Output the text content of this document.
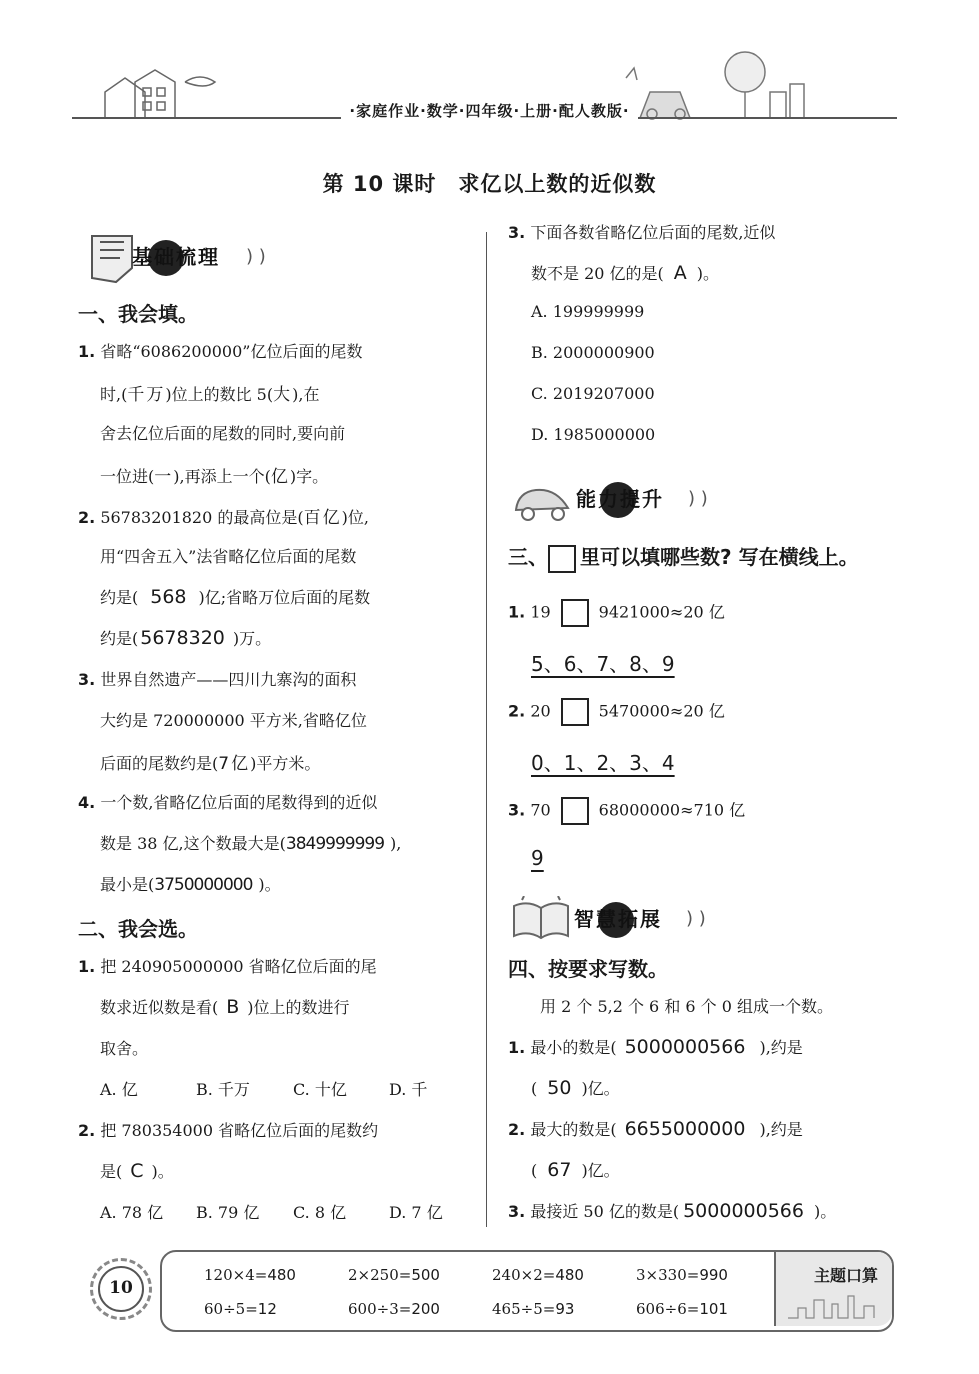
·家庭作业·数学·四年级·上册·配人教版·
第 10 课时　求亿以上数的近似数
基础梳理 ) )
一、我会填。
1. 省略“6086200000”亿位后面的尾数
时,(千万)位上的数比 5(大),在
舍去亿位后面的尾数的同时,要向前
一位进(一),再添上一个(亿)字。
2. 56783201820 的最高位是(百亿)位,
用“四舍五入”法省略亿位后面的尾数
约是( 568 )亿;省略万位后面的尾数
约是( 5678320 )万。
3. 世界自然遗产——四川九寨沟的面积
大约是 720000000 平方米,省略亿位
后面的尾数约是(7亿)平方米。
4. 一个数,省略亿位后面的尾数得到的近似
数是 38 亿,这个数最大是(3849999999 ),
最小是(3750000000 )。
二、我会选。
1. 把 240905000000 省略亿位后面的尾
数求近似数是看( B )位上的数进行
取舍。
A. 亿	B. 千万	C. 十亿	D. 千
2. 把 780354000 省略亿位后面的尾数约
是( C )。
A. 78 亿 B. 79 亿 C. 8 亿	D. 7 亿
3. 下面各数省略亿位后面的尾数,近似
数不是 20 亿的是( A )。
A. 199999999
B. 2000000900
C. 2019207000
D. 1985000000
能力提升 ) )
三、 里可以填哪些数? 写在横线上。
1. 19	9421000≈20 亿
5、6、7、8、9
2. 20	5470000≈20 亿
0、1、2、3、4
3. 70	68000000≈710 亿
9
智慧拓展 ) )
四、按要求写数。
用 2 个 5,2 个 6 和 6 个 0 组成一个数。
1. 最小的数是( 5000000566 ),约是
( 50 )亿。
2. 最大的数是( 6655000000 ),约是
( 67 )亿。
3. 最接近 50 亿的数是( 5000000566 )。
10
主题口算
120×4=480	2×250=500	240×2=480	3×330=990
60÷5=12	600÷3=200	465÷5=93	606÷6=101
